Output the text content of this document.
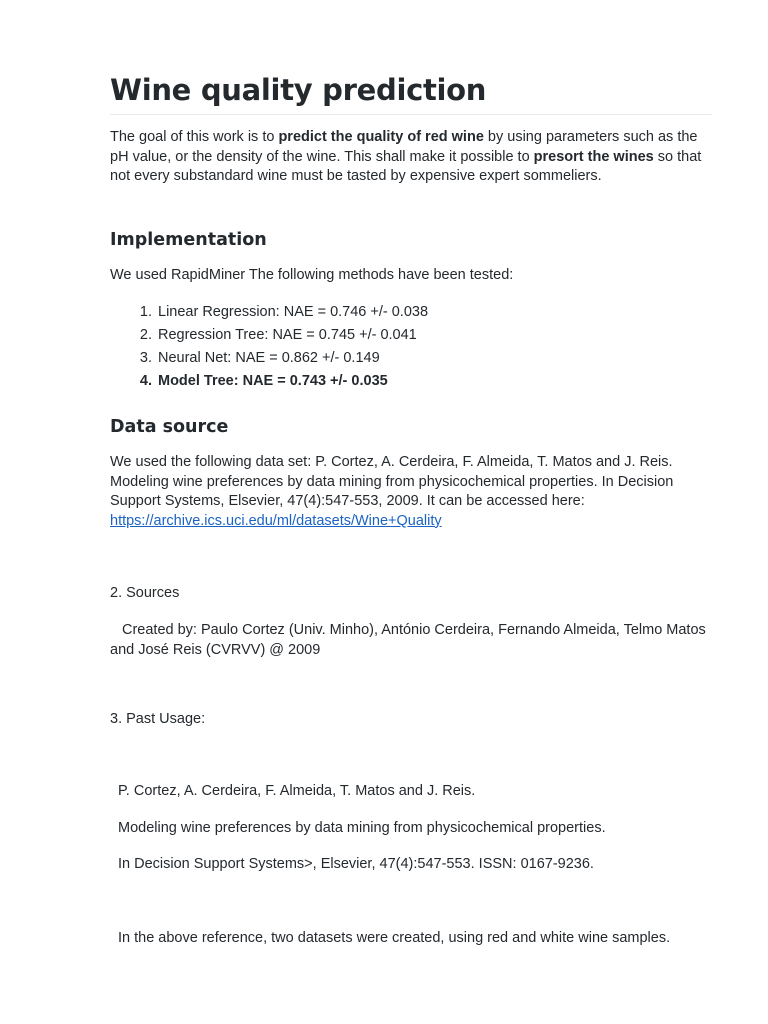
Wine quality prediction

The goal of this work is to predict the quality of red wine by using parameters such as the pH value, or the density of the wine. This shall make it possible to presort the wines so that not every substandard wine must be tasted by expensive expert sommeliers.

Implementation

We used RapidMiner The following methods have been tested:

1. Linear Regression: NAE = 0.746 +/- 0.038
2. Regression Tree: NAE = 0.745 +/- 0.041
3. Neural Net: NAE = 0.862 +/- 0.149
4. Model Tree: NAE = 0.743 +/- 0.035
Data source

We used the following data set: P. Cortez, A. Cerdeira, F. Almeida, T. Matos and J. Reis. Modeling wine preferences by data mining from physicochemical properties. In Decision Support Systems, Elsevier, 47(4):547-553, 2009. It can be accessed here: https://archive.ics.uci.edu/ml/datasets/Wine+Quality

2. Sources

Created by: Paulo Cortez (Univ. Minho), António Cerdeira, Fernando Almeida, Telmo Matos and José Reis (CVRVV) @ 2009

3. Past Usage:

P. Cortez, A. Cerdeira, F. Almeida, T. Matos and J. Reis.

Modeling wine preferences by data mining from physicochemical properties.

In Decision Support Systems>, Elsevier, 47(4):547-553. ISSN: 0167-9236.

In the above reference, two datasets were created, using red and white wine samples.
